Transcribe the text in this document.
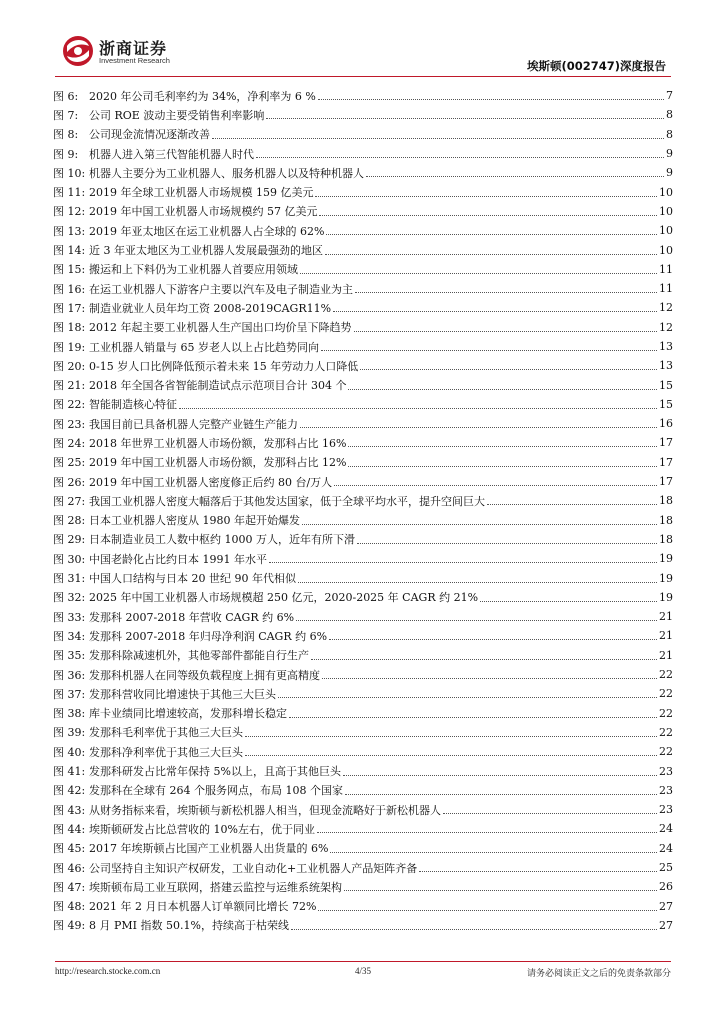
浙商证券
Investment Research	埃斯顿(002747)深度报告
图 6: 2020 年公司毛利率约为 34%，净利率为 6 %	7
图 7: 公司 ROE 波动主要受销售利率影响	8
图 8: 公司现金流情况逐渐改善	8
图 9: 机器人进入第三代智能机器人时代	9
图 10: 机器人主要分为工业机器人、服务机器人以及特种机器人	9
图 11: 2019 年全球工业机器人市场规模 159 亿美元	10
图 12: 2019 年中国工业机器人市场规模约 57 亿美元	10
图 13: 2019 年亚太地区在运工业机器人占全球的 62%	10
图 14: 近 3 年亚太地区为工业机器人发展最强劲的地区	10
图 15: 搬运和上下料仍为工业机器人首要应用领域	11
图 16: 在运工业机器人下游客户主要以汽车及电子制造业为主	11
图 17: 制造业就业人员年均工资 2008-2019CAGR11%	12
图 18: 2012 年起主要工业机器人生产国出口均价呈下降趋势	12
图 19: 工业机器人销量与 65 岁老人以上占比趋势同向	13
图 20: 0-15 岁人口比例降低预示着未来 15 年劳动力人口降低	13
图 21: 2018 年全国各省智能制造试点示范项目合计 304 个	15
图 22: 智能制造核心特征	15
图 23: 我国目前已具备机器人完整产业链生产能力	16
图 24: 2018 年世界工业机器人市场份额，发那科占比 16%	17
图 25: 2019 年中国工业机器人市场份额，发那科占比 12%	17
图 26: 2019 年中国工业机器人密度修正后约 80 台/万人	17
图 27: 我国工业机器人密度大幅落后于其他发达国家，低于全球平均水平，提升空间巨大	18
图 28: 日本工业机器人密度从 1980 年起开始爆发	18
图 29: 日本制造业员工人数中枢约 1000 万人，近年有所下滑	18
图 30: 中国老龄化占比约日本 1991 年水平	19
图 31: 中国人口结构与日本 20 世纪 90 年代相似	19
图 32: 2025 年中国工业机器人市场规模超 250 亿元，2020-2025 年 CAGR 约 21%	19
图 33: 发那科 2007-2018 年营收 CAGR 约 6%	21
图 34: 发那科 2007-2018 年归母净利润 CAGR 约 6%	21
图 35: 发那科除减速机外，其他零部件都能自行生产	21
图 36: 发那科机器人在同等级负载程度上拥有更高精度	22
图 37: 发那科营收同比增速快于其他三大巨头	22
图 38: 库卡业绩同比增速较高，发那科增长稳定	22
图 39: 发那科毛利率优于其他三大巨头	22
图 40: 发那科净利率优于其他三大巨头	22
图 41: 发那科研发占比常年保持 5%以上，且高于其他巨头	23
图 42: 发那科在全球有 264 个服务网点，布局 108 个国家	23
图 43: 从财务指标来看，埃斯顿与新松机器人相当，但现金流略好于新松机器人	23
图 44: 埃斯顿研发占比总营收的 10%左右，优于同业	24
图 45: 2017 年埃斯顿占比国产工业机器人出货量的 6%	24
图 46: 公司坚持自主知识产权研发，工业自动化+工业机器人产品矩阵齐备	25
图 47: 埃斯顿布局工业互联网，搭建云监控与运维系统架构	26
图 48: 2021 年 2 月日本机器人订单额同比增长 72%	27
图 49: 8 月 PMI 指数 50.1%，持续高于枯荣线	27
http://research.stocke.com.cn	4/35	请务必阅读正文之后的免责条款部分
